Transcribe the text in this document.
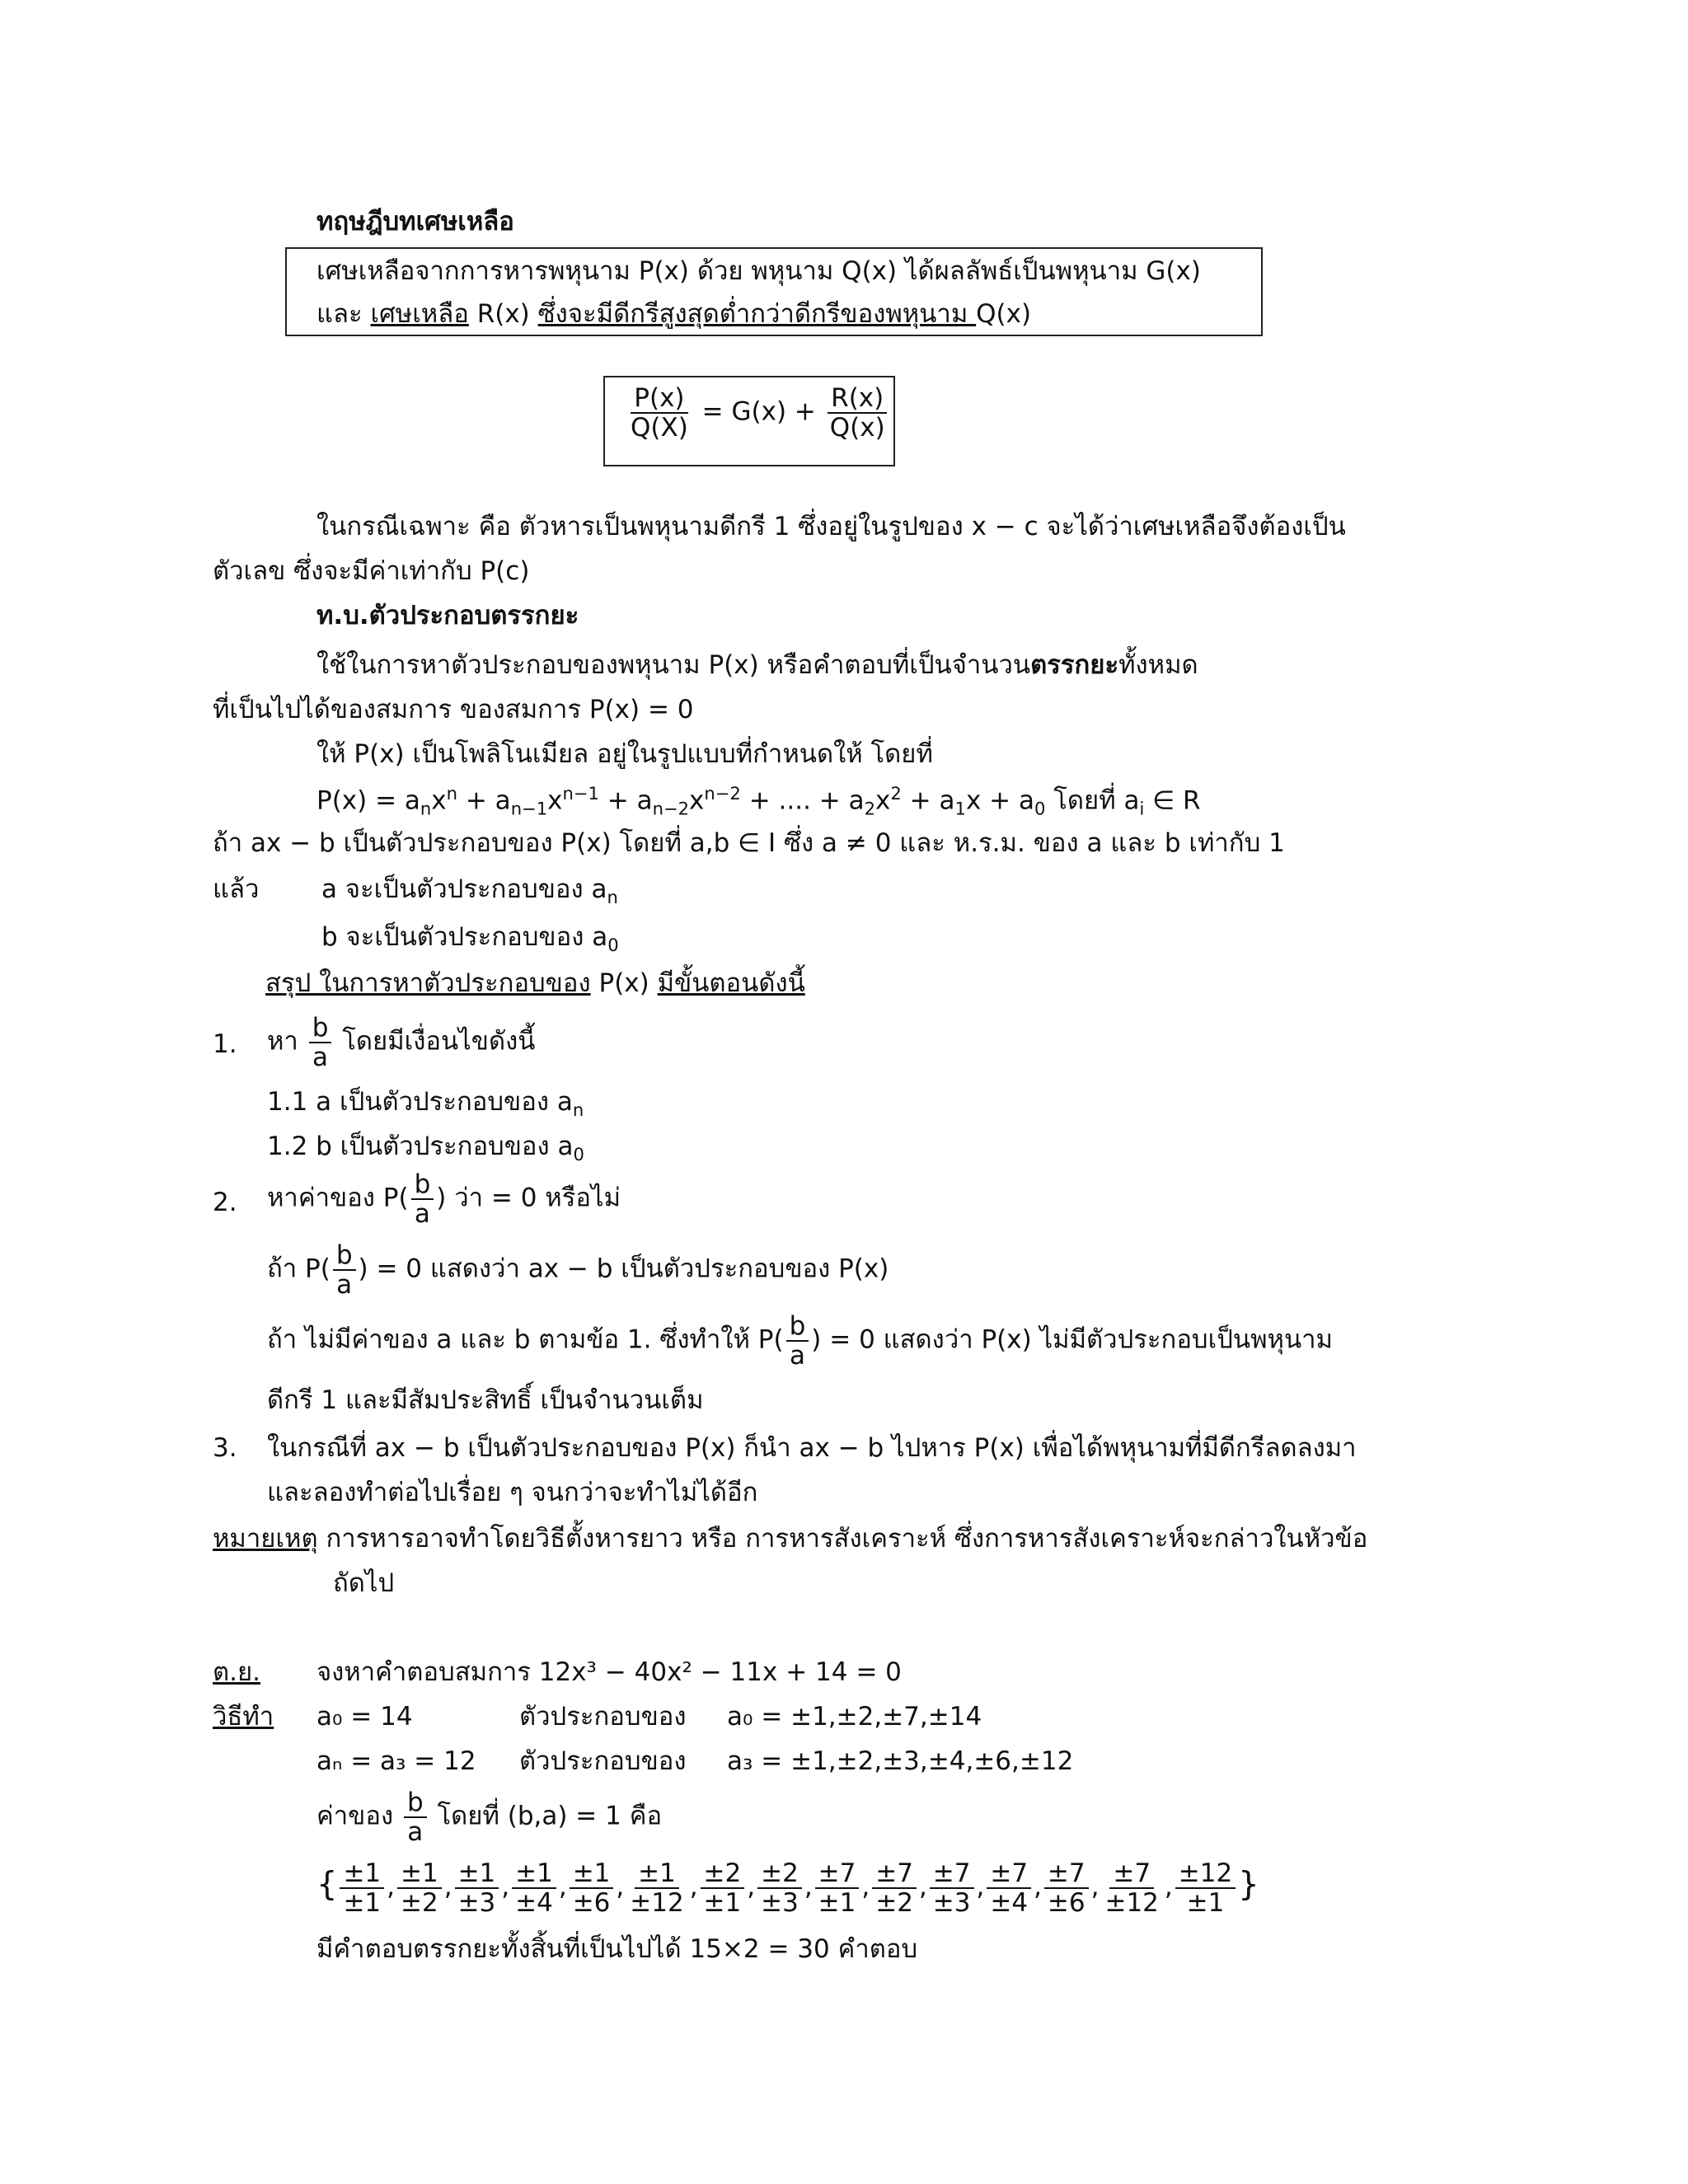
ทฤษฎีบทเศษเหลือ
เศษเหลือจากการหารพหุนาม P(x) ด้วย พหุนาม Q(x) ได้ผลลัพธ์เป็นพหุนาม G(x)
และ เศษเหลือ R(x) ซึ่งจะมีดีกรีสูงสุดต่ำกว่าดีกรีของพหุนาม Q(x)
$\frac{P(x)}{Q(X)} = G(x) + \frac{R(x)}{Q(x)}$
ในกรณีเฉพาะ คือ ตัวหารเป็นพหุนามดีกรี 1 ซึ่งอยู่ในรูปของ x − c จะได้ว่าเศษเหลือจึงต้องเป็น
ตัวเลข ซึ่งจะมีค่าเท่ากับ P(c)
ท.บ.ตัวประกอบตรรกยะ
ใช้ในการหาตัวประกอบของพหุนาม P(x) หรือคำตอบที่เป็นจำนวนตรรกยะทั้งหมด
ที่เป็นไปได้ของสมการ ของสมการ P(x) = 0
ให้ P(x) เป็นโพลิโนเมียล อยู่ในรูปแบบที่กำหนดให้ โดยที่
$P(x) = a_nx^n + a_{n-1}x^{n-1} + a_{n-2}x^{n-2}$ + .... + $a_2x^2 + a_1x + a_0$ โดยที่ $a_i$ ∈ R
ถ้า ax − b เป็นตัวประกอบของ P(x) โดยที่ a,b ∈ I ซึ่ง a ≠ 0 และ ห.ร.ม. ของ a และ b เท่ากับ 1
แล้ว a จะเป็นตัวประกอบของ $a_n$
b จะเป็นตัวประกอบของ $a_0$
สรุป ในการหาตัวประกอบของ P(x) มีขั้นตอนดังนี้
1. หา $\frac{b}{a}$ โดยมีเงื่อนไขดังนี้
1.1 a เป็นตัวประกอบของ $a_n$
1.2 b เป็นตัวประกอบของ $a_0$
2. หาค่าของ $P( \frac{b}{a}$ ) ว่า = 0 หรือไม่
ถ้า $P( \frac{b}{a}$ ) = 0 แสดงว่า ax − b เป็นตัวประกอบของ P(x)
ถ้า ไม่มีค่าของ a และ b ตามข้อ 1. ซึ่งทำให้ $P( \frac{b}{a}$ ) = 0 แสดงว่า P(x) ไม่มีตัวประกอบเป็นพหุนาม
ดีกรี 1 และมีสัมประสิทธิ์ เป็นจำนวนเต็ม
3. ในกรณีที่ ax − b เป็นตัวประกอบของ P(x) ก็นำ ax − b ไปหาร P(x) เพื่อได้พหุนามที่มีดีกรีลดลงมา
และลองทำต่อไปเรื่อย ๆ จนกว่าจะทำไม่ได้อีก
หมายเหตุ การหารอาจทำโดยวิธีตั้งหารยาว หรือ การหารสังเคราะห์ ซึ่งการหารสังเคราะห์จะกล่าวในหัวข้อ
ถัดไป
ต.ย. จงหาคำตอบสมการ 12x³ − 40x² − 11x + 14 = 0
วิธีทำ a₀ = 14	ตัวประกอบของ a₀ = ±1,±2,±7,±14
aₙ = a₃ = 12 ตัวประกอบของ a₃ = ±1,±2,±3,±4,±6,±12
ค่าของ $\frac{b}{a}$ โดยที่ (b,a) = 1 คือ
{ $\frac{\pm 1}{\pm 1}$ , $\frac{\pm 1}{\pm 2}$ , $\frac{\pm 1}{\pm 3}$ , $\frac{\pm 1}{\pm 4}$ , $\frac{\pm 1}{\pm 6}$ , $\frac{\pm 1}{\pm 12}$ , $\frac{\pm 2}{\pm 1}$ , $\frac{\pm 2}{\pm 3}$ , $\frac{\pm 7}{\pm 1}$ , $\frac{\pm 7}{\pm 2}$ , $\frac{\pm 7}{\pm 3}$ , $\frac{\pm 7}{\pm 4}$ , $\frac{\pm 7}{\pm 6}$ , $\frac{\pm 7}{\pm 12}$ , $\frac{\pm 12}{\pm 1}$ }
มีคำตอบตรรกยะทั้งสิ้นที่เป็นไปได้ 15×2 = 30 คำตอบ
